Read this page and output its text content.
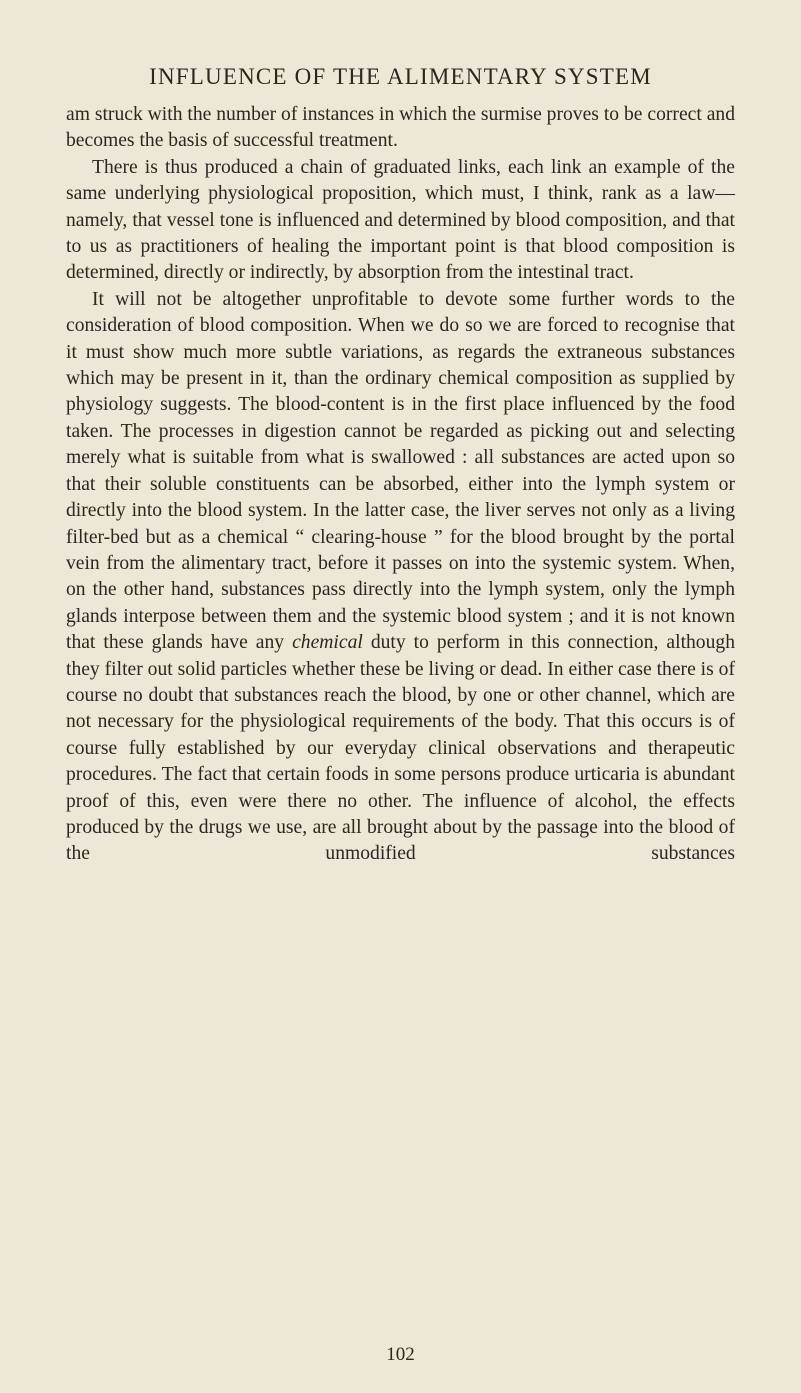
INFLUENCE OF THE ALIMENTARY SYSTEM

am struck with the number of instances in which the surmise proves to be correct and becomes the basis of successful treatment.

There is thus produced a chain of graduated links, each link an example of the same underlying physiological proposition, which must, I think, rank as a law—namely, that vessel tone is influenced and determined by blood composition, and that to us as practitioners of healing the important point is that blood composition is determined, directly or indirectly, by absorption from the intestinal tract.

It will not be altogether unprofitable to devote some further words to the consideration of blood composition. When we do so we are forced to recognise that it must show much more subtle variations, as regards the extraneous substances which may be present in it, than the ordinary chemical composition as supplied by physiology suggests. The blood-content is in the first place influenced by the food taken. The processes in digestion cannot be regarded as picking out and selecting merely what is suitable from what is swallowed : all substances are acted upon so that their soluble constituents can be absorbed, either into the lymph system or directly into the blood system. In the latter case, the liver serves not only as a living filter-bed but as a chemical “ clearing-house ” for the blood brought by the portal vein from the alimentary tract, before it passes on into the systemic system. When, on the other hand, substances pass directly into the lymph system, only the lymph glands interpose between them and the systemic blood system ; and it is not known that these glands have any chemical duty to perform in this connection, although they filter out solid particles whether these be living or dead. In either case there is of course no doubt that substances reach the blood, by one or other channel, which are not necessary for the physiological requirements of the body. That this occurs is of course fully established by our everyday clinical observations and therapeutic procedures. The fact that certain foods in some persons produce urticaria is abundant proof of this, even were there no other. The influence of alcohol, the effects produced by the drugs we use, are all brought about by the passage into the blood of the unmodified substances

102
